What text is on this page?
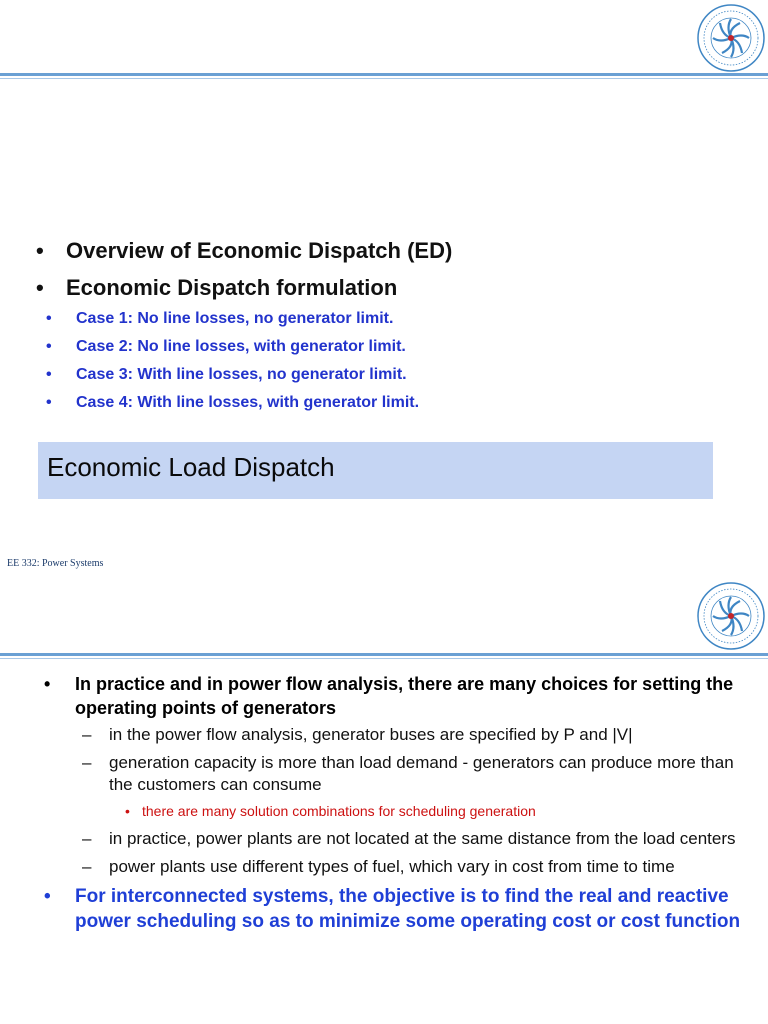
• Overview of Economic Dispatch (ED)
• Economic Dispatch formulation
• Case 1: No line losses, no generator limit.
• Case 2: No line losses, with generator limit.
• Case 3: With line losses, no generator limit.
• Case 4: With line losses, with generator limit.
Economic Load Dispatch
EE 332: Power Systems
• In practice and in power flow analysis, there are many choices for setting the operating points of generators
– in the power flow analysis, generator buses are specified by P and |V|
– generation capacity is more than load demand - generators can produce more than the customers can consume
• there are many solution combinations for scheduling generation
– in practice, power plants are not located at the same distance from the load centers
– power plants use different types of fuel, which vary in cost from time to time
• For interconnected systems, the objective is to find the real and reactive power scheduling so as to minimize some operating cost or cost function
